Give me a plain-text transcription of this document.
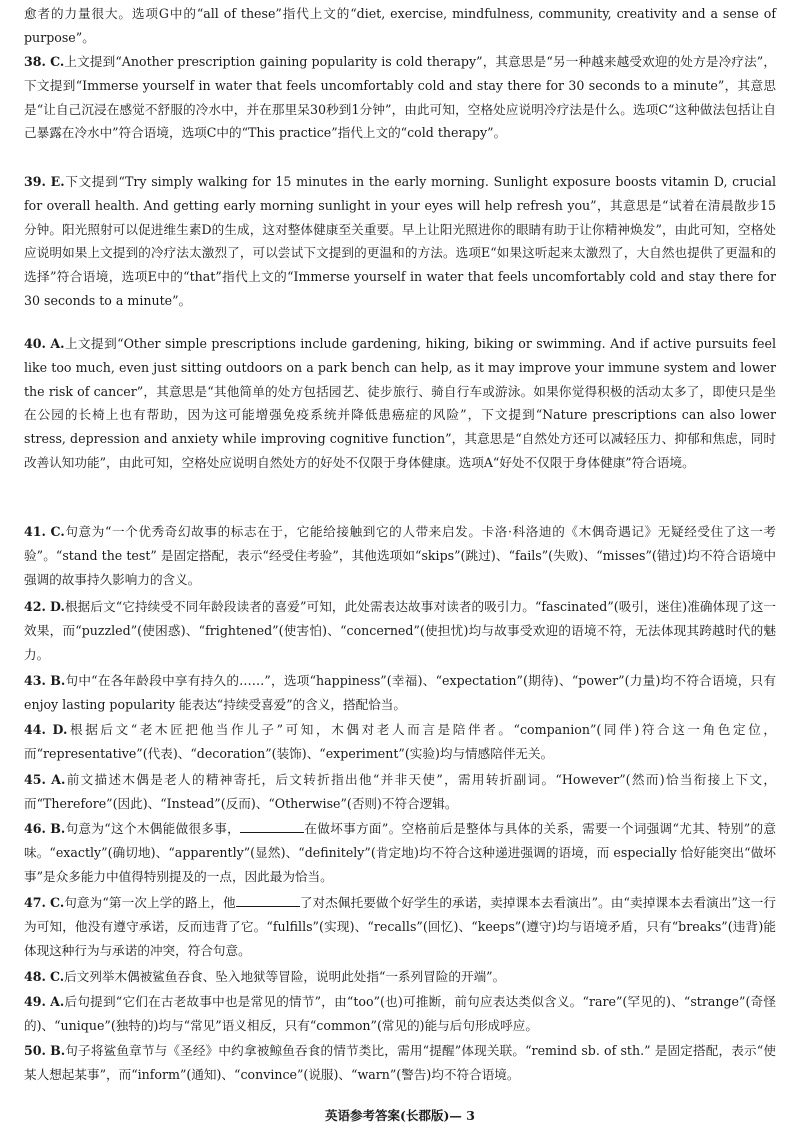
愈者的力量很大。选项G中的“all of these”指代上文的“diet, exercise, mindfulness, community, creativity and a sense of purpose”。
38. C.上文提到“Another prescription gaining popularity is cold therapy”，其意思是“另一种越来越受欢迎的处方是冷疗法”，下文提到“Immerse yourself in water that feels uncomfortably cold and stay there for 30 seconds to a minute”，其意思是“让自己沉浸在感觉不舒服的冷水中，并在那里呆30秒到1分钟”，由此可知，空格处应说明冷疗法是什么。选项C“这种做法包括让自己暴露在冷水中”符合语境，选项C中的“This practice”指代上文的“cold therapy”。
39. E.下文提到“Try simply walking for 15 minutes in the early morning. Sunlight exposure boosts vitamin D, crucial for overall health. And getting early morning sunlight in your eyes will help refresh you”，其意思是“试着在清晨散步15分钟。阳光照射可以促进维生素D的生成，这对整体健康至关重要。早上让阳光照进你的眼睛有助于让你精神焕发”，由此可知，空格处应说明如果上文提到的冷疗法太激烈了，可以尝试下文提到的更温和的方法。选项E“如果这听起来太激烈了，大自然也提供了更温和的选择”符合语境，选项E中的“that”指代上文的“Immerse yourself in water that feels uncomfortably cold and stay there for 30 seconds to a minute”。
40. A.上文提到“Other simple prescriptions include gardening, hiking, biking or swimming. And if active pursuits feel like too much, even just sitting outdoors on a park bench can help, as it may improve your immune system and lower the risk of cancer”，其意思是“其他简单的处方包括园艺、徒步旅行、骑自行车或游泳。如果你觉得积极的活动太多了，即使只是坐在公园的长椅上也有帮助，因为这可能增强免疫系统并降低患癌症的风险”，下文提到“Nature prescriptions can also lower stress, depression and anxiety while improving cognitive function”，其意思是“自然处方还可以减轻压力、抑郁和焦虑，同时改善认知功能”，由此可知，空格处应说明自然处方的好处不仅限于身体健康。选项A“好处不仅限于身体健康”符合语境。
41. C.句意为“一个优秀奇幻故事的标志在于，它能给接触到它的人带来启发。卡洛·科洛迪的《木偶奇遇记》无疑经受住了这一考验”。“stand the test” 是固定搭配，表示“经受住考验”，其他选项如“skips”(跳过)、“fails”(失败)、“misses”(错过)均不符合语境中强调的故事持久影响力的含义。
42. D.根据后文“它持续受不同年龄段读者的喜爱”可知，此处需表达故事对读者的吸引力。“fascinated”(吸引，迷住)准确体现了这一效果，而“puzzled”(使困惑)、“frightened”(使害怕)、“concerned”(使担忧)均与故事受欢迎的语境不符，无法体现其跨越时代的魅力。
43. B.句中“在各年龄段中享有持久的……”，选项“happiness”(幸福)、“expectation”(期待)、“power”(力量)均不符合语境，只有 enjoy lasting popularity 能表达“持续受喜爱”的含义，搭配恰当。
44. D.根据后文“老木匠把他当作儿子”可知，木偶对老人而言是陪伴者。“companion”(同伴)符合这一角色定位，而“representative”(代表)、“decoration”(装饰)、“experiment”(实验)均与情感陪伴无关。
45. A.前文描述木偶是老人的精神寄托，后文转折指出他“并非天使”，需用转折副词。“However”(然而)恰当衔接上下文，而“Therefore”(因此)、“Instead”(反而)、“Otherwise”(否则)不符合逻辑。
46. B.句意为“这个木偶能做很多事，	在做坏事方面”。空格前后是整体与具体的关系，需要一个词强调“尤其、特别”的意味。“exactly”(确切地)、“apparently”(显然)、“definitely”(肯定地)均不符合这种递进强调的语境，而 especially 恰好能突出“做坏事”是众多能力中值得特别提及的一点，因此最为恰当。
47. C.句意为“第一次上学的路上，他	了对杰佩托要做个好学生的承诺，卖掉课本去看演出”。由“卖掉课本去看演出”这一行为可知，他没有遵守承诺，反而违背了它。“fulfills”(实现)、“recalls”(回忆)、“keeps”(遵守)均与语境矛盾，只有“breaks”(违背)能体现这种行为与承诺的冲突，符合句意。
48. C.后文列举木偶被鲨鱼吞食、坠入地狱等冒险，说明此处指“一系列冒险的开端”。
49. A.后句提到“它们在古老故事中也是常见的情节”，由“too”(也)可推断，前句应表达类似含义。“rare”(罕见的)、“strange”(奇怪的)、“unique”(独特的)均与“常见”语义相反，只有“common”(常见的)能与后句形成呼应。
50. B.句子将鲨鱼章节与《圣经》中约拿被鲸鱼吞食的情节类比，需用“提醒”体现关联。“remind sb. of sth.” 是固定搭配，表示“使某人想起某事”，而“inform”(通知)、“convince”(说服)、“warn”(警告)均不符合语境。
英语参考答案(长郡版)— 3
